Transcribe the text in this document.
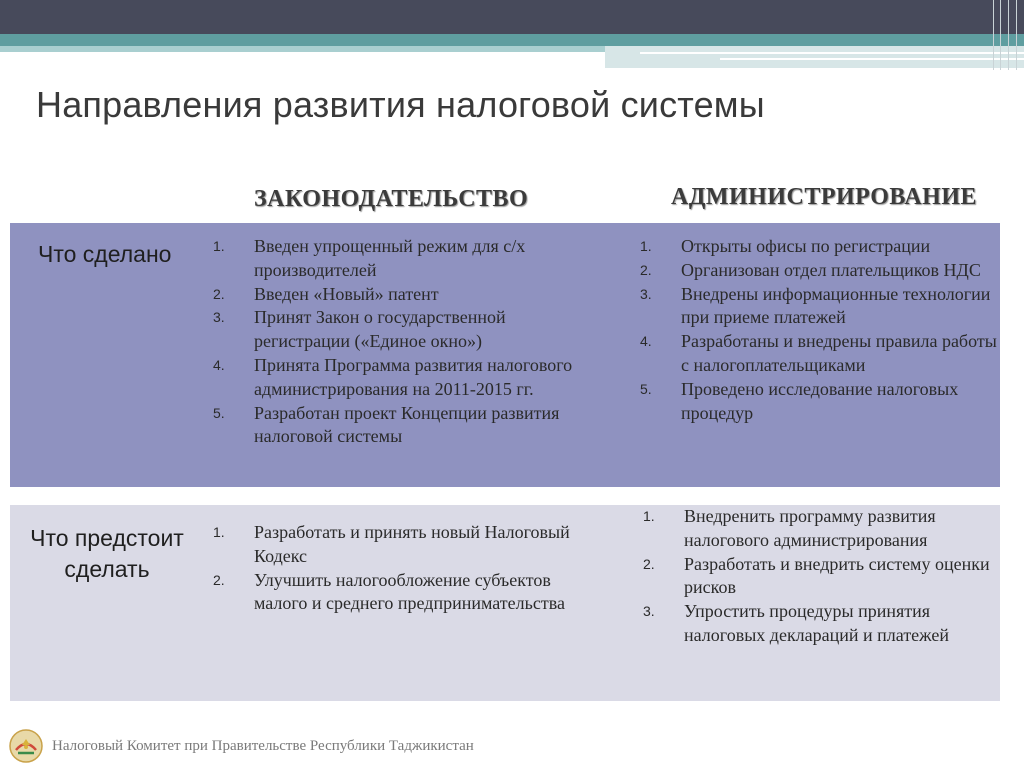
Направления развития налоговой системы
ЗАКОНОДАТЕЛЬСТВО	АДМИНИСТРИРОВАНИЕ
Что сделано	1. Введен упрощенный режим для с/х производителей
2. Введен «Новый» патент
3. Принят Закон о государственной регистрации («Единое окно»)
4. Принята Программа развития налогового администрирования на 2011-2015 гг.
5. Разработан проект Концепции развития налоговой системы
1. Открыты офисы по регистрации
2. Организован отдел плательщиков НДС
3. Внедрены информационные технологии при приеме платежей
4. Разработаны и внедрены правила работы с налогоплательщиками
5. Проведено исследование налоговых процедур
Что предстоит сделать
1. Разработать и принять новый Налоговый Кодекс
2. Улучшить налогообложение субъектов малого и среднего предпринимательства
1. Внедренить программу развития налогового администрирования
2. Разработать и внедрить систему оценки рисков
3. Упростить процедуры принятия налоговых деклараций и платежей
Налоговый Комитет при Правительстве Республики Таджикистан
